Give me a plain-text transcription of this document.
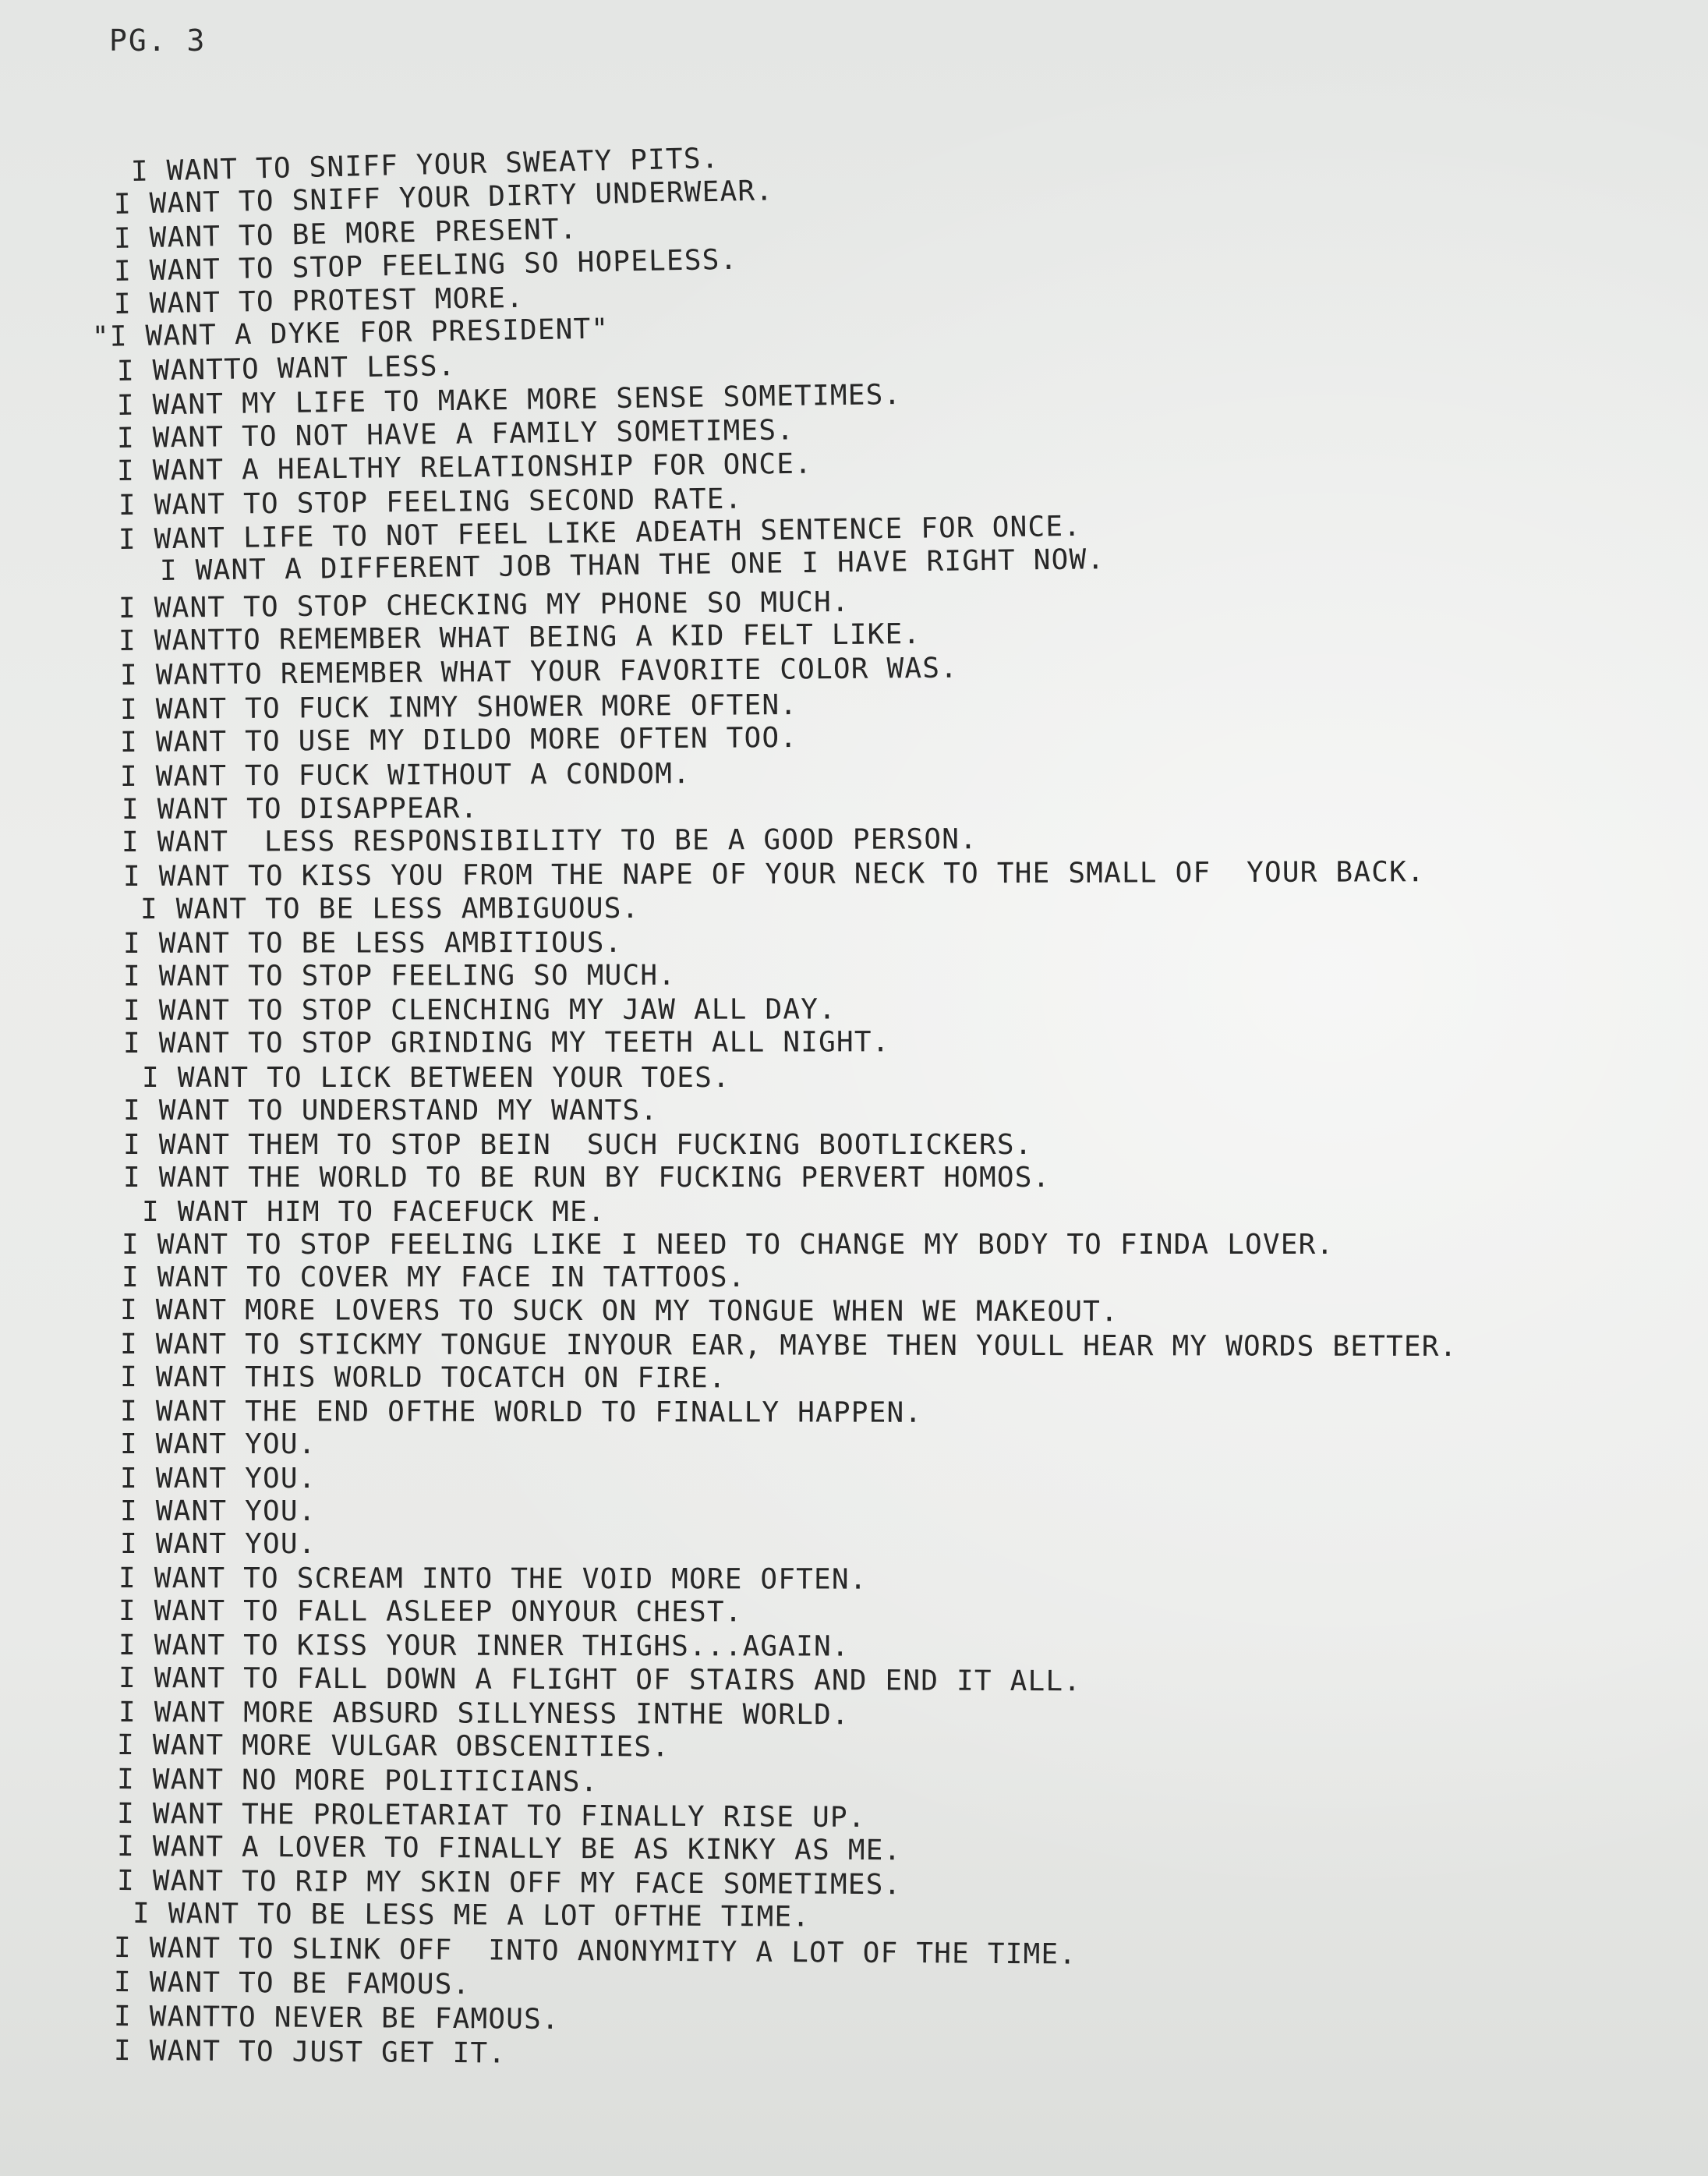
PG. 3
I WANT TO SNIFF YOUR SWEATY PITS.
I WANT TO SNIFF YOUR DIRTY UNDERWEAR.
I WANT TO BE MORE PRESENT.
I WANT TO STOP FEELING SO HOPELESS.
I WANT TO PROTEST MORE.
"I WANT A DYKE FOR PRESIDENT"
I WANTTO WANT LESS.
I WANT MY LIFE TO MAKE MORE SENSE SOMETIMES.
I WANT TO NOT HAVE A FAMILY SOMETIMES.
I WANT A HEALTHY RELATIONSHIP FOR ONCE.
I WANT TO STOP FEELING SECOND RATE.
I WANT LIFE TO NOT FEEL LIKE ADEATH SENTENCE FOR ONCE.
I WANT A DIFFERENT JOB THAN THE ONE I HAVE RIGHT NOW.
I WANT TO STOP CHECKING MY PHONE SO MUCH.
I WANTTO REMEMBER WHAT BEING A KID FELT LIKE.
I WANTTO REMEMBER WHAT YOUR FAVORITE COLOR WAS.
I WANT TO FUCK INMY SHOWER MORE OFTEN.
I WANT TO USE MY DILDO MORE OFTEN TOO.
I WANT TO FUCK WITHOUT A CONDOM.
I WANT TO DISAPPEAR.
I WANT  LESS RESPONSIBILITY TO BE A GOOD PERSON.
I WANT TO KISS YOU FROM THE NAPE OF YOUR NECK TO THE SMALL OF  YOUR BACK.
I WANT TO BE LESS AMBIGUOUS.
I WANT TO BE LESS AMBITIOUS.
I WANT TO STOP FEELING SO MUCH.
I WANT TO STOP CLENCHING MY JAW ALL DAY.
I WANT TO STOP GRINDING MY TEETH ALL NIGHT.
I WANT TO LICK BETWEEN YOUR TOES.
I WANT TO UNDERSTAND MY WANTS.
I WANT THEM TO STOP BEIN  SUCH FUCKING BOOTLICKERS.
I WANT THE WORLD TO BE RUN BY FUCKING PERVERT HOMOS.
I WANT HIM TO FACEFUCK ME.
I WANT TO STOP FEELING LIKE I NEED TO CHANGE MY BODY TO FINDA LOVER.
I WANT TO COVER MY FACE IN TATTOOS.
I WANT MORE LOVERS TO SUCK ON MY TONGUE WHEN WE MAKEOUT.
I WANT TO STICKMY TONGUE INYOUR EAR, MAYBE THEN YOULL HEAR MY WORDS BETTER.
I WANT THIS WORLD TOCATCH ON FIRE.
I WANT THE END OFTHE WORLD TO FINALLY HAPPEN.
I WANT YOU.
I WANT YOU.
I WANT YOU.
I WANT YOU.
I WANT TO SCREAM INTO THE VOID MORE OFTEN.
I WANT TO FALL ASLEEP ONYOUR CHEST.
I WANT TO KISS YOUR INNER THIGHS...AGAIN.
I WANT TO FALL DOWN A FLIGHT OF STAIRS AND END IT ALL.
I WANT MORE ABSURD SILLYNESS INTHE WORLD.
I WANT MORE VULGAR OBSCENITIES.
I WANT NO MORE POLITICIANS.
I WANT THE PROLETARIAT TO FINALLY RISE UP.
I WANT A LOVER TO FINALLY BE AS KINKY AS ME.
I WANT TO RIP MY SKIN OFF MY FACE SOMETIMES.
I WANT TO BE LESS ME A LOT OFTHE TIME.
I WANT TO SLINK OFF  INTO ANONYMITY A LOT OF THE TIME.
I WANT TO BE FAMOUS.
I WANTTO NEVER BE FAMOUS.
I WANT TO JUST GET IT.
